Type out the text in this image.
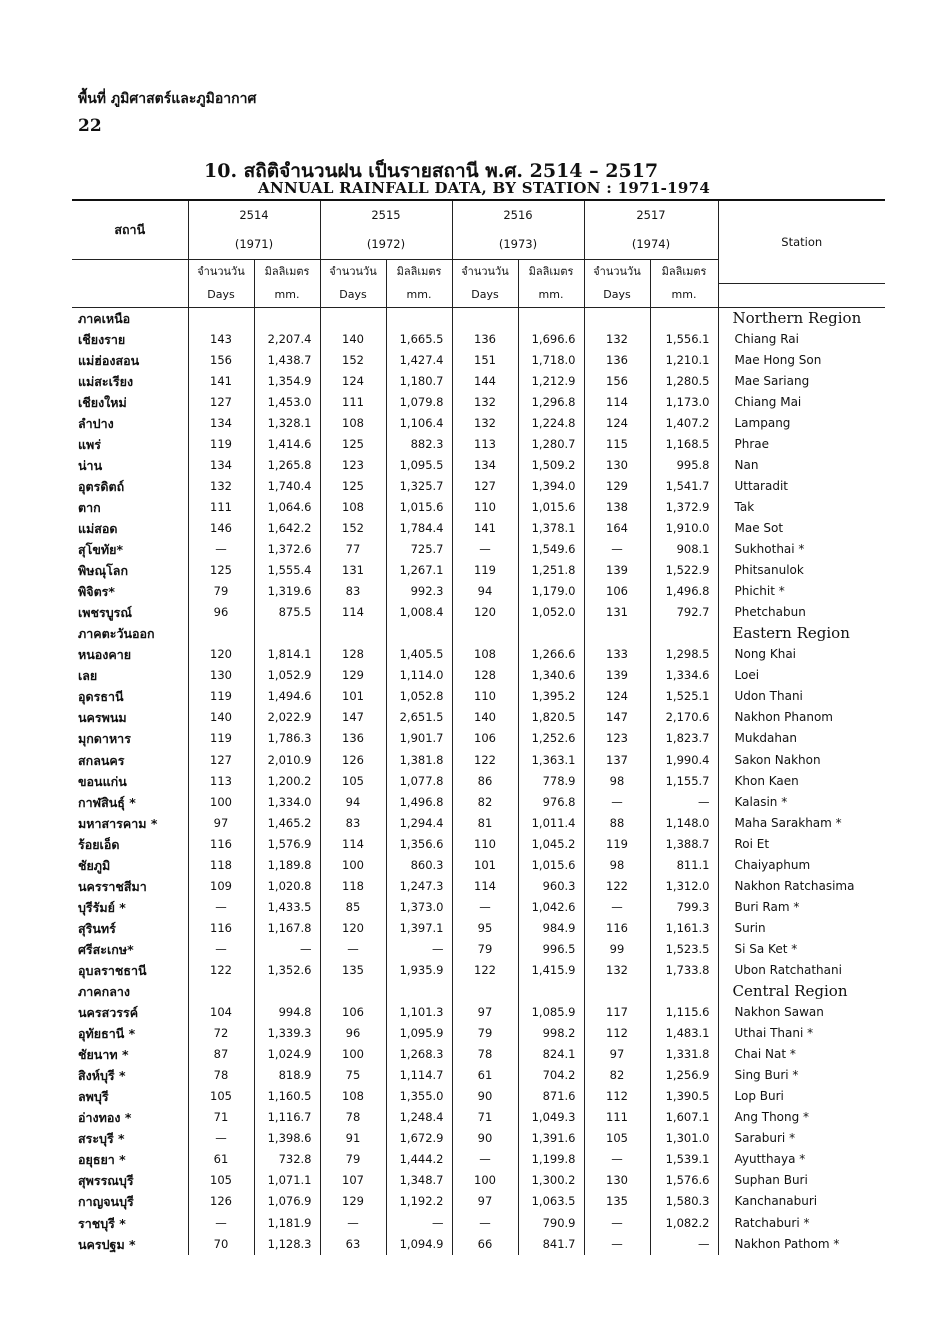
พื้นที่ ภูมิศาสตร์และภูมิอากาศ
22
10. สถิติจำนวนฝน เป็นรายสถานี พ.ศ. 2514 – 2517
ANNUAL RAINFALL DATA, BY STATION : 1971-1974
สถานี	2514		2515		2516		2517		Station
	(1971)		(1972)		(1973)		(1974)		
	จำนวนวัน	มิลลิเมตร	จำนวนวัน	มิลลิเมตร	จำนวนวัน	มิลลิเมตร	จำนวนวัน	มิลลิเมตร	
	Days	mm.	Days	mm.	Days	mm.	Days	mm.	
ภาคเหนือ									Northern Region
เชียงราย	143	2,207.4	140	1,665.5	136	1,696.6	132	1,556.1	Chiang Rai
แม่ฮ่องสอน	156	1,438.7	152	1,427.4	151	1,718.0	136	1,210.1	Mae Hong Son
แม่สะเรียง	141	1,354.9	124	1,180.7	144	1,212.9	156	1,280.5	Mae Sariang
เชียงใหม่	127	1,453.0	111	1,079.8	132	1,296.8	114	1,173.0	Chiang Mai
ลำปาง	134	1,328.1	108	1,106.4	132	1,224.8	124	1,407.2	Lampang
แพร่	119	1,414.6	125	882.3	113	1,280.7	115	1,168.5	Phrae
น่าน	134	1,265.8	123	1,095.5	134	1,509.2	130	995.8	Nan
อุตรดิตถ์	132	1,740.4	125	1,325.7	127	1,394.0	129	1,541.7	Uttaradit
ตาก	111	1,064.6	108	1,015.6	110	1,015.6	138	1,372.9	Tak
แม่สอด	146	1,642.2	152	1,784.4	141	1,378.1	164	1,910.0	Mae Sot
สุโขทัย*	—	1,372.6	77	725.7	—	1,549.6	—	908.1	Sukhothai *
พิษณุโลก	125	1,555.4	131	1,267.1	119	1,251.8	139	1,522.9	Phitsanulok
พิจิตร*	79	1,319.6	83	992.3	94	1,179.0	106	1,496.8	Phichit *
เพชรบูรณ์	96	875.5	114	1,008.4	120	1,052.0	131	792.7	Phetchabun
ภาคตะวันออก									Eastern Region
หนองคาย	120	1,814.1	128	1,405.5	108	1,266.6	133	1,298.5	Nong Khai
เลย	130	1,052.9	129	1,114.0	128	1,340.6	139	1,334.6	Loei
อุดรธานี	119	1,494.6	101	1,052.8	110	1,395.2	124	1,525.1	Udon Thani
นครพนม	140	2,022.9	147	2,651.5	140	1,820.5	147	2,170.6	Nakhon Phanom
มุกดาหาร	119	1,786.3	136	1,901.7	106	1,252.6	123	1,823.7	Mukdahan
สกลนคร	127	2,010.9	126	1,381.8	122	1,363.1	137	1,990.4	Sakon Nakhon
ขอนแก่น	113	1,200.2	105	1,077.8	86	778.9	98	1,155.7	Khon Kaen
กาฬสินธุ์ *	100	1,334.0	94	1,496.8	82	976.8	—	—	Kalasin *
มหาสารคาม *	97	1,465.2	83	1,294.4	81	1,011.4	88	1,148.0	Maha Sarakham *
ร้อยเอ็ด	116	1,576.9	114	1,356.6	110	1,045.2	119	1,388.7	Roi Et
ชัยภูมิ	118	1,189.8	100	860.3	101	1,015.6	98	811.1	Chaiyaphum
นครราชสีมา	109	1,020.8	118	1,247.3	114	960.3	122	1,312.0	Nakhon Ratchasima
บุรีรัมย์ *	—	1,433.5	85	1,373.0	—	1,042.6	—	799.3	Buri Ram *
สุรินทร์	116	1,167.8	120	1,397.1	95	984.9	116	1,161.3	Surin
ศรีสะเกษ*	—	—	—	—	79	996.5	99	1,523.5	Si Sa Ket *
อุบลราชธานี	122	1,352.6	135	1,935.9	122	1,415.9	132	1,733.8	Ubon Ratchathani
ภาคกลาง									Central Region
นครสวรรค์	104	994.8	106	1,101.3	97	1,085.9	117	1,115.6	Nakhon Sawan
อุทัยธานี *	72	1,339.3	96	1,095.9	79	998.2	112	1,483.1	Uthai Thani *
ชัยนาท *	87	1,024.9	100	1,268.3	78	824.1	97	1,331.8	Chai Nat *
สิงห์บุรี *	78	818.9	75	1,114.7	61	704.2	82	1,256.9	Sing Buri *
ลพบุรี	105	1,160.5	108	1,355.0	90	871.6	112	1,390.5	Lop Buri
อ่างทอง *	71	1,116.7	78	1,248.4	71	1,049.3	111	1,607.1	Ang Thong *
สระบุรี *	—	1,398.6	91	1,672.9	90	1,391.6	105	1,301.0	Saraburi *
อยุธยา *	61	732.8	79	1,444.2	—	1,199.8	—	1,539.1	Ayutthaya *
สุพรรณบุรี	105	1,071.1	107	1,348.7	100	1,300.2	130	1,576.6	Suphan Buri
กาญจนบุรี	126	1,076.9	129	1,192.2	97	1,063.5	135	1,580.3	Kanchanaburi
ราชบุรี *	—	1,181.9	—	—	—	790.9	—	1,082.2	Ratchaburi *
นครปฐม *	70	1,128.3	63	1,094.9	66	841.7	—	—	Nakhon Pathom *
